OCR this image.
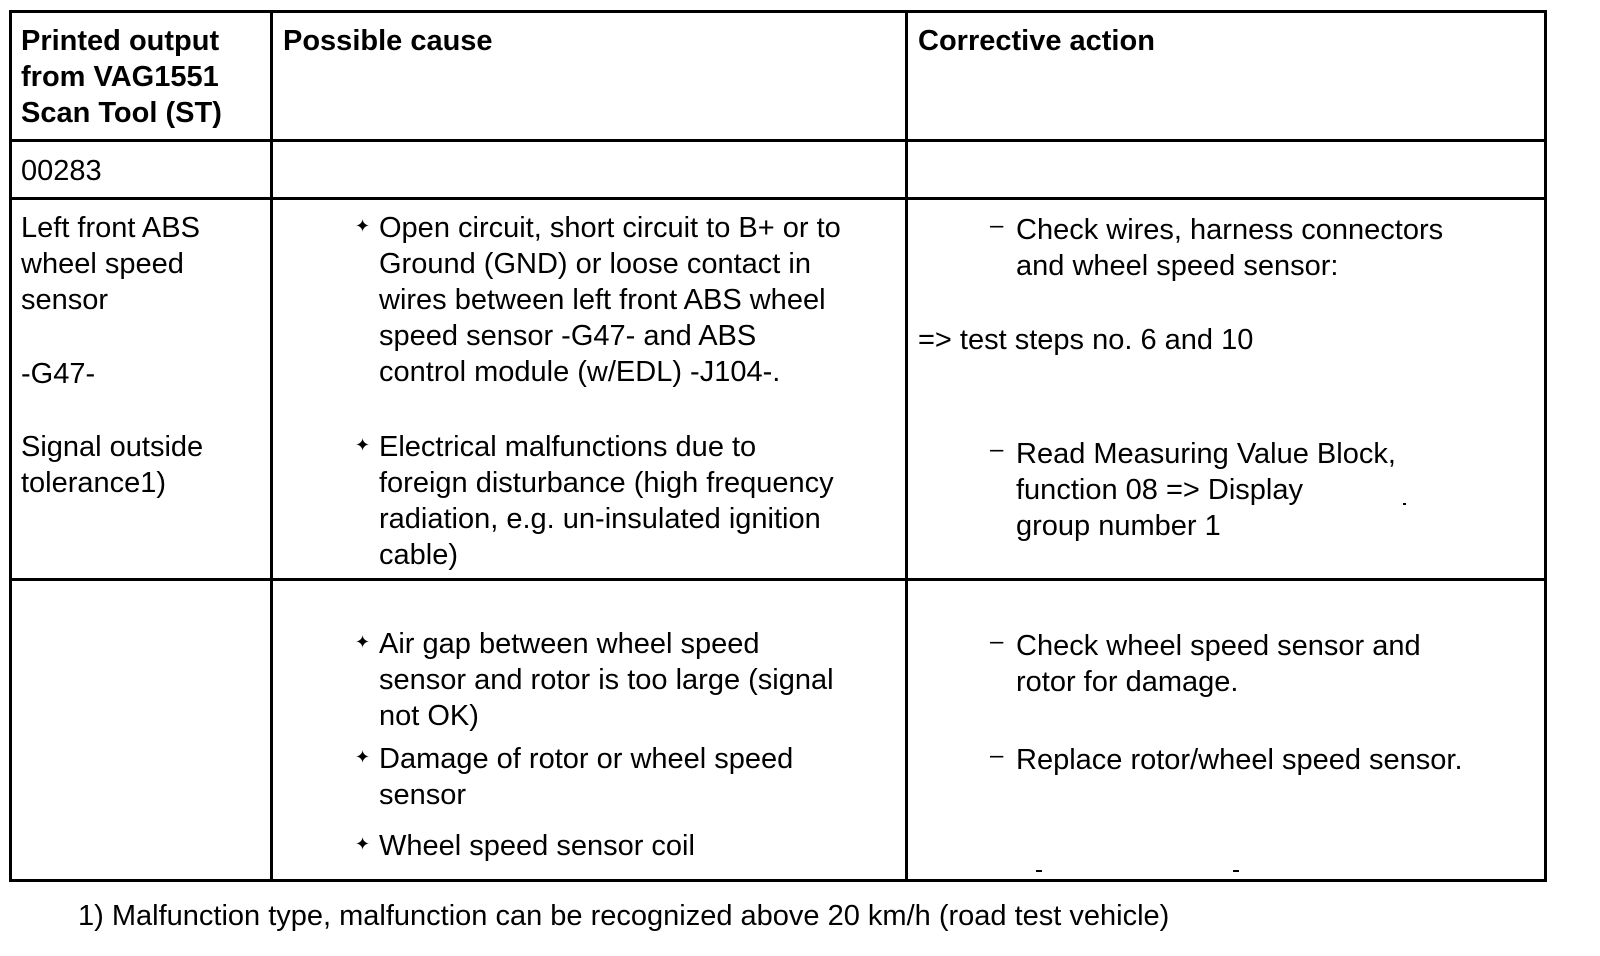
Printed output
from VAG1551
Scan Tool (ST)
Possible cause	Corrective action
00283
Left front ABS
wheel speed
sensor
-G47-
Signal outside
tolerance1)
✦ Open circuit, short circuit to B+ or to
Ground (GND) or loose contact in
wires between left front ABS wheel
speed sensor -G47- and ABS
control module (w/EDL) -J104-.
✦ Electrical malfunctions due to
foreign disturbance (high frequency
radiation, e.g. un-insulated ignition
cable)
– Check wires, harness connectors
and wheel speed sensor:
=> test steps no. 6 and 10
– Read Measuring Value Block,
function 08 => Display
group number 1
✦ Air gap between wheel speed
sensor and rotor is too large (signal
not OK)
✦ Damage of rotor or wheel speed
sensor
✦ Wheel speed sensor coil
– Check wheel speed sensor and
rotor for damage.
– Replace rotor/wheel speed sensor.
1) Malfunction type, malfunction can be recognized above 20 km/h (road test vehicle)
